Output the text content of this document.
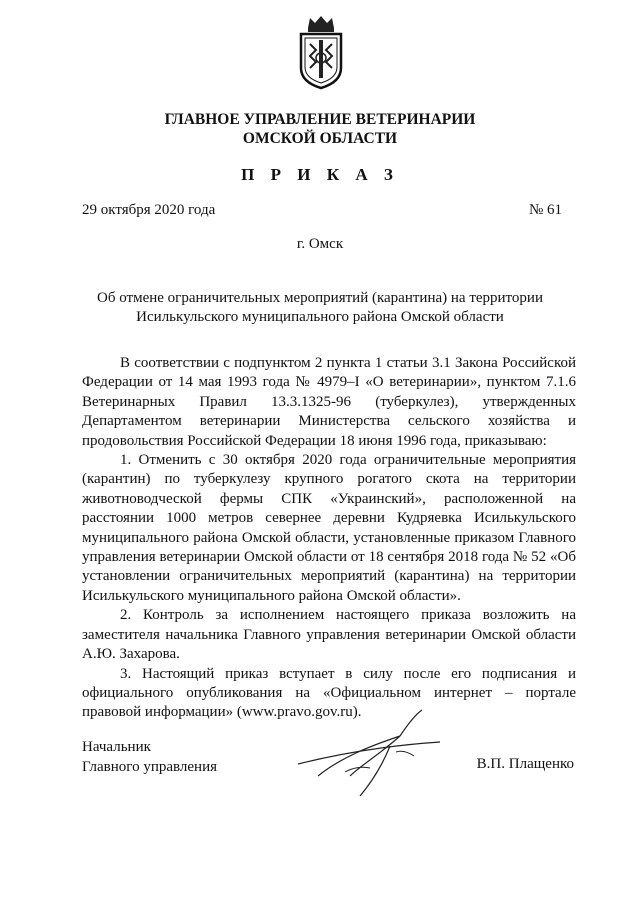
ГЛАВНОЕ УПРАВЛЕНИЕ ВЕТЕРИНАРИИ
ОМСКОЙ ОБЛАСТИ
П Р И К А З
29 октября 2020 года	№ 61
г. Омск
Об отмене ограничительных мероприятий (карантина) на территории
Исилькульского муниципального района Омской области

В соответствии с подпунктом 2 пункта 1 статьи 3.1 Закона Российской Федерации от 14 мая 1993 года № 4979–I «О ветеринарии», пунктом 7.1.6 Ветеринарных Правил 13.3.1325-96 (туберкулез), утвержденных Департаментом ветеринарии Министерства сельского хозяйства и продовольствия Российской Федерации 18 июня 1996 года, приказываю:

1. Отменить с 30 октября 2020 года ограничительные мероприятия (карантин) по туберкулезу крупного рогатого скота на территории животноводческой фермы СПК «Украинский», расположенной на расстоянии 1000 метров севернее деревни Кудряевка Исилькульского муниципального района Омской области, установленные приказом Главного управления ветеринарии Омской области от 18 сентября 2018 года № 52 «Об установлении ограничительных мероприятий (карантина) на территории Исилькульского муниципального района Омской области».

2. Контроль за исполнением настоящего приказа возложить на заместителя начальника Главного управления ветеринарии Омской области А.Ю. Захарова.

3. Настоящий приказ вступает в силу после его подписания и официального опубликования на «Официальном интернет – портале правовой информации» (www.pravo.gov.ru).

Начальник
Главного управления	В.П. Плащенко
